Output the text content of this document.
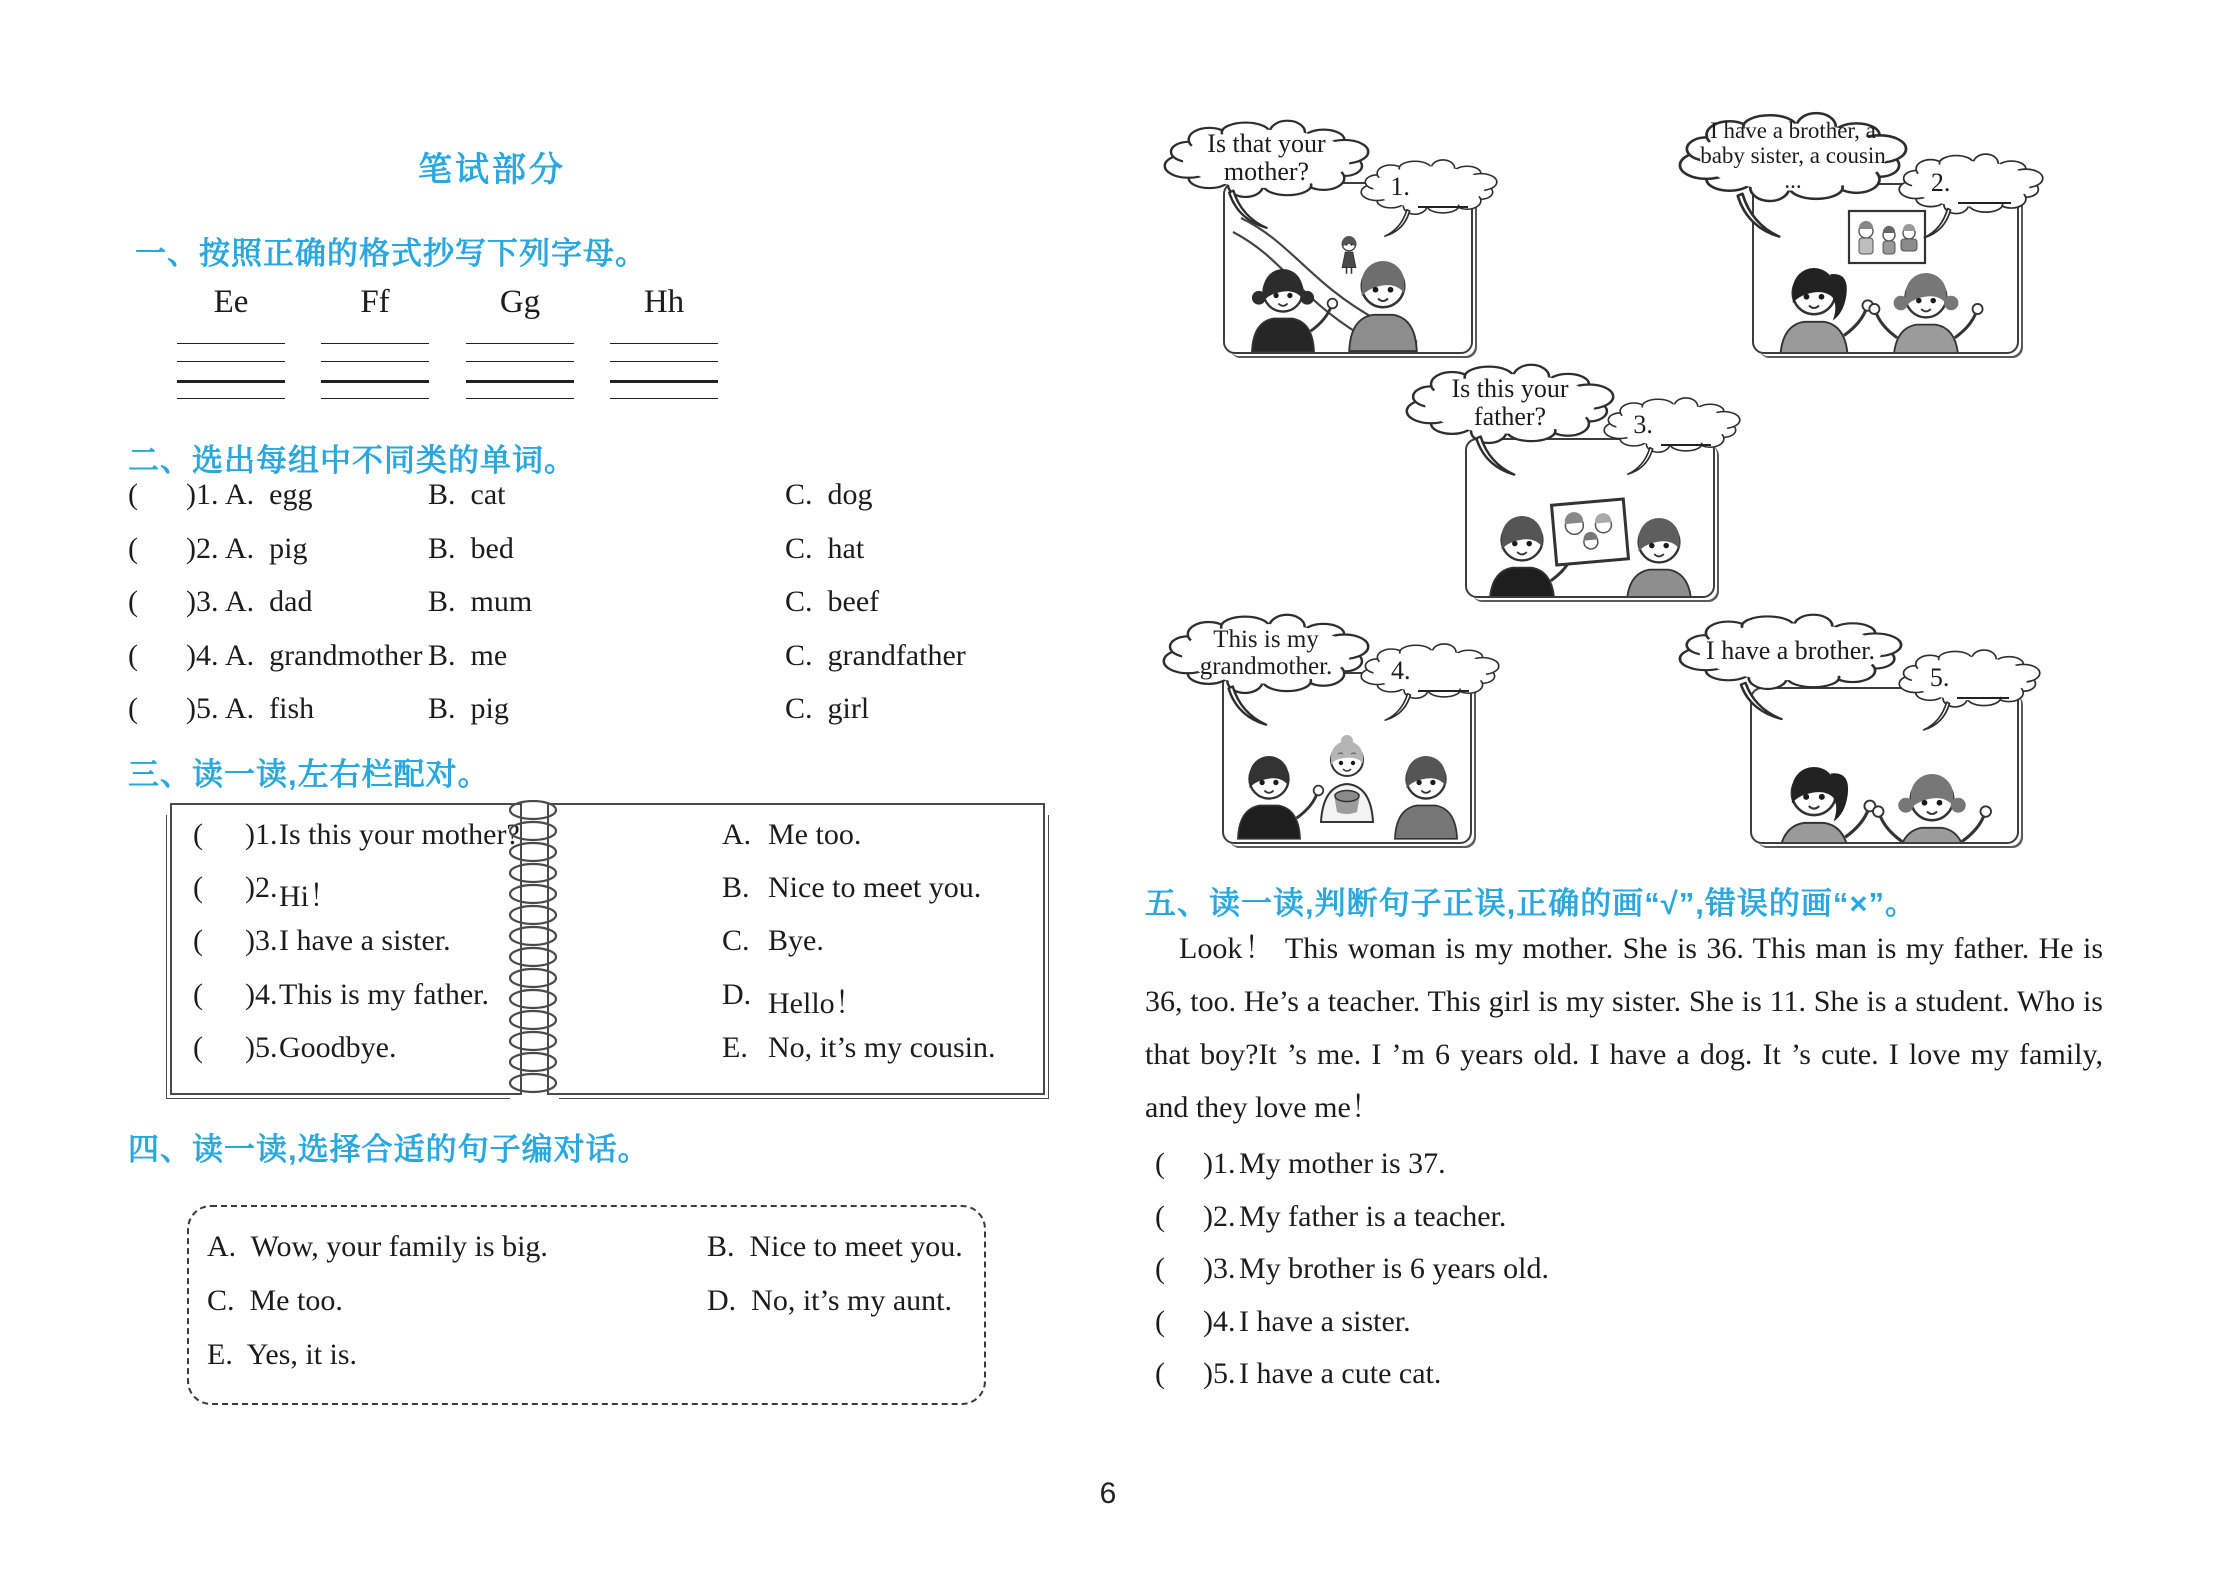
笔试部分
一、按照正确的格式抄写下列字母。
Ee	Ff	Gg	Hh
二、选出每组中不同类的单词。
( )1. A.  egg	B.  cat	C.  dog
( )2. A.  pig	B.  bed	C.  hat
( )3. A.  dad	B.  mum	C.  beef
( )4. A.  grandmother B.  me	C.  grandfather
( )5. A.  fish	B.  pig	C.  girl
三、读一读,左右栏配对。
( )1. Is this your mother?
( )2. Hi！
( )3. I have a sister.
( )4. This is my father.
( )5. Goodbye.
A. Me too.
B. Nice to meet you.
C. Bye.
D. Hello！
E. No, it’s my cousin.
四、读一读,选择合适的句子编对话。
A.  Wow, your family is big.	B.  Nice to meet you.
C.  Me too.	D.  No, it’s my aunt.
E.  Yes, it is.
Is that your mother?
I have a brother, a baby sister, a cousin ...
Is this your father?
This is my grandmother.
I have a brother.
1.	2.
3.
4.	5.
五、读一读,判断句子正误,正确的画“√”,错误的画“×”。
Look！ This woman is my mother. She is 36. This man is my father. He is 36, too. He’s a teacher. This girl is my sister. She is 11. She is a student. Who is that boy?It ’s me. I ’m 6 years old. I have a dog. It ’s cute. I love my family, and they love me！
( )1. My mother is 37.
( )2. My father is a teacher.
( )3. My brother is 6 years old.
( )4. I have a sister.
( )5. I have a cute cat.
6
